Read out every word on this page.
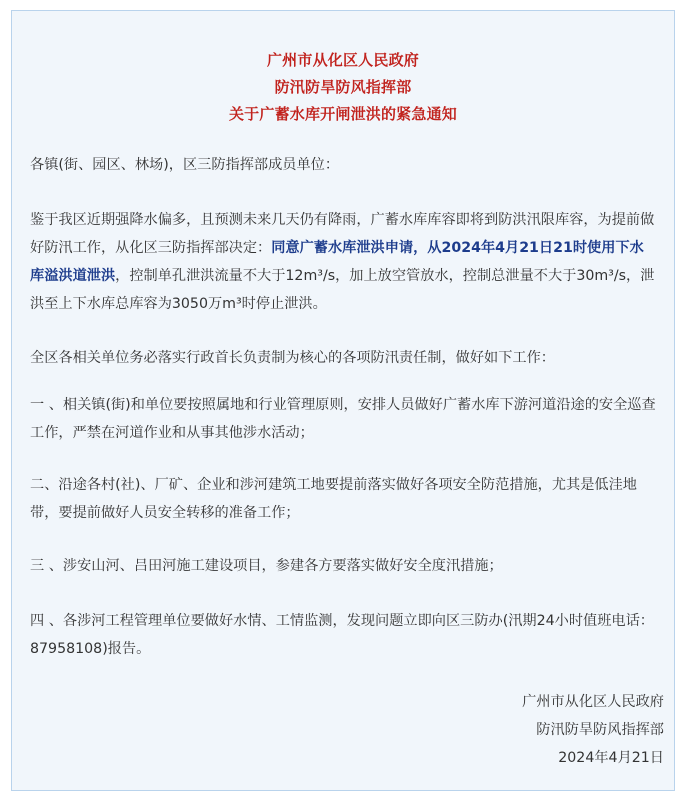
广州市从化区人民政府
防汛防旱防风指挥部
关于广蓄水库开闸泄洪的紧急通知
各镇(街、园区、林场)，区三防指挥部成员单位：
鉴于我区近期强降水偏多，且预测未来几天仍有降雨，广蓄水库库容即将到防洪汛限库容，为提前做好防汛工作，从化区三防指挥部决定：同意广蓄水库泄洪申请，从2024年4月21日21时使用下水库溢洪道泄洪，控制单孔泄洪流量不大于12m³/s，加上放空管放水，控制总泄量不大于30m³/s，泄洪至上下水库总库容为3050万m³时停止泄洪。
全区各相关单位务必落实行政首长负责制为核心的各项防汛责任制，做好如下工作：
一 、相关镇(街)和单位要按照属地和行业管理原则，安排人员做好广蓄水库下游河道沿途的安全巡查工作，严禁在河道作业和从事其他涉水活动；
二、沿途各村(社)、厂矿、企业和涉河建筑工地要提前落实做好各项安全防范措施，尤其是低洼地带，要提前做好人员安全转移的准备工作；
三 、涉安山河、吕田河施工建设项目，参建各方要落实做好安全度汛措施；
四 、各涉河工程管理单位要做好水情、工情监测，发现问题立即向区三防办(汛期24小时值班电话：87958108)报告。
广州市从化区人民政府
防汛防旱防风指挥部
2024年4月21日
